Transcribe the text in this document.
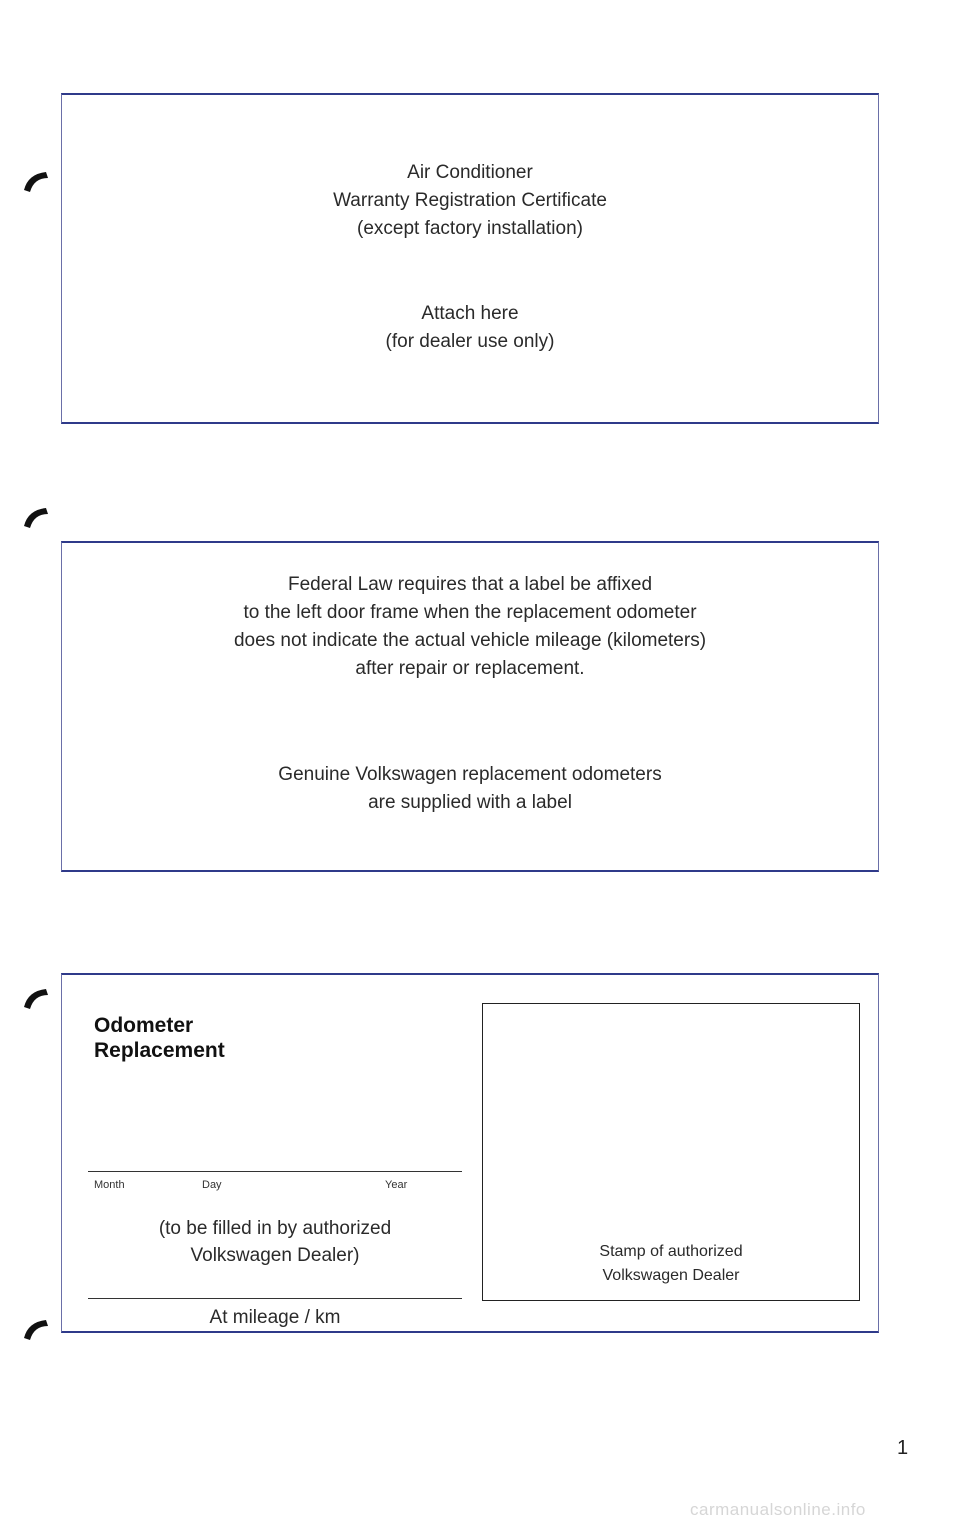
Air Conditioner
Warranty Registration Certificate
(except factory installation)
Attach here
(for dealer use only)
Federal Law requires that a label be affixed
to the left door frame when the replacement odometer
does not indicate the actual vehicle mileage (kilometers)
after repair or replacement.
Genuine Volkswagen replacement odometers
are supplied with a label
Odometer
Replacement
Month	Day	Year
(to be filled in by authorized
Volkswagen Dealer)
At mileage / km
Stamp of authorized
Volkswagen Dealer
1
carmanualsonline.info
